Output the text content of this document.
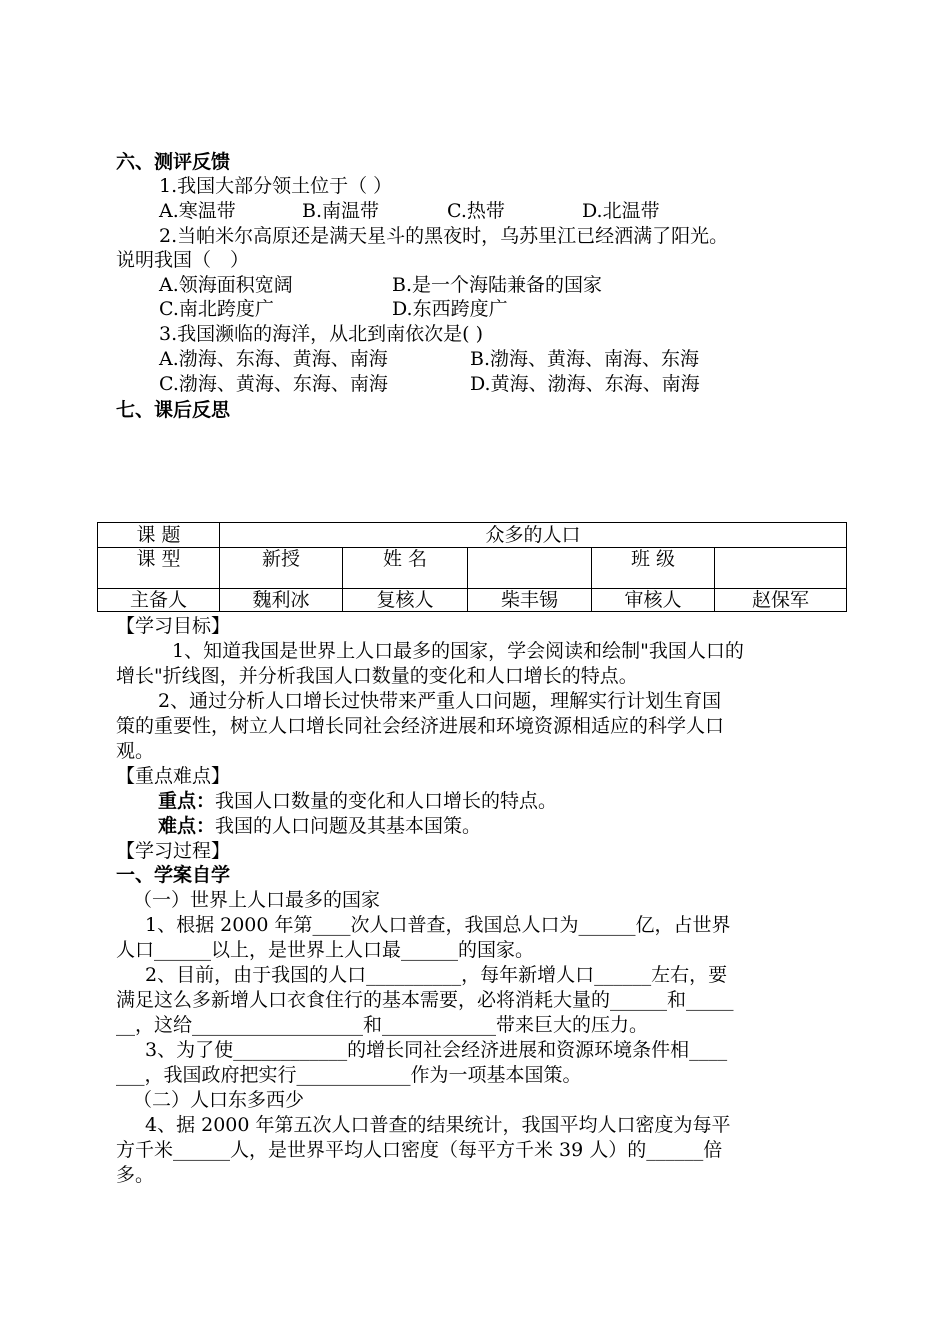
六、测评反馈
1.我国大部分领土位于（ ）
A.寒温带	B.南温带	C.热带	D.北温带
2.当帕米尔高原还是满天星斗的黑夜时，乌苏里江已经洒满了阳光。
说明我国（　）
A.领海面积宽阔	B.是一个海陆兼备的国家
C.南北跨度广	D.东西跨度广
3.我国濒临的海洋，从北到南依次是( )
A.渤海、东海、黄海、南海	B.渤海、黄海、南海、东海
C.渤海、黄海、东海、南海	D.黄海、渤海、东海、南海
七、课后反思
课 题	众多的人口				
课 型	新授	姓 名		班 级	
主备人	魏利冰	复核人	柴丰锡	审核人	赵保军
【学习目标】
1、知道我国是世界上人口最多的国家，学会阅读和绘制"我国人口的
增长"折线图，并分析我国人口数量的变化和人口增长的特点。
2、通过分析人口增长过快带来严重人口问题，理解实行计划生育国
策的重要性，树立人口增长同社会经济进展和环境资源相适应的科学人口
观。
【重点难点】
重点：我国人口数量的变化和人口增长的特点。
难点：我国的人口问题及其基本国策。
【学习过程】
一、学案自学
（一）世界上人口最多的国家
1、根据 2000 年第____次人口普查，我国总人口为______亿，占世界
人口______以上，是世界上人口最______的国家。
2、目前，由于我国的人口__________，每年新增人口______左右，要
满足这么多新增人口衣食住行的基本需要，必将消耗大量的______和_____
__，这给__________________和____________带来巨大的压力。
3、为了使____________的增长同社会经济进展和资源环境条件相____
___，我国政府把实行____________作为一项基本国策。
（二）人口东多西少
4、据 2000 年第五次人口普查的结果统计，我国平均人口密度为每平
方千米______人，是世界平均人口密度（每平方千米 39 人）的______倍
多。
